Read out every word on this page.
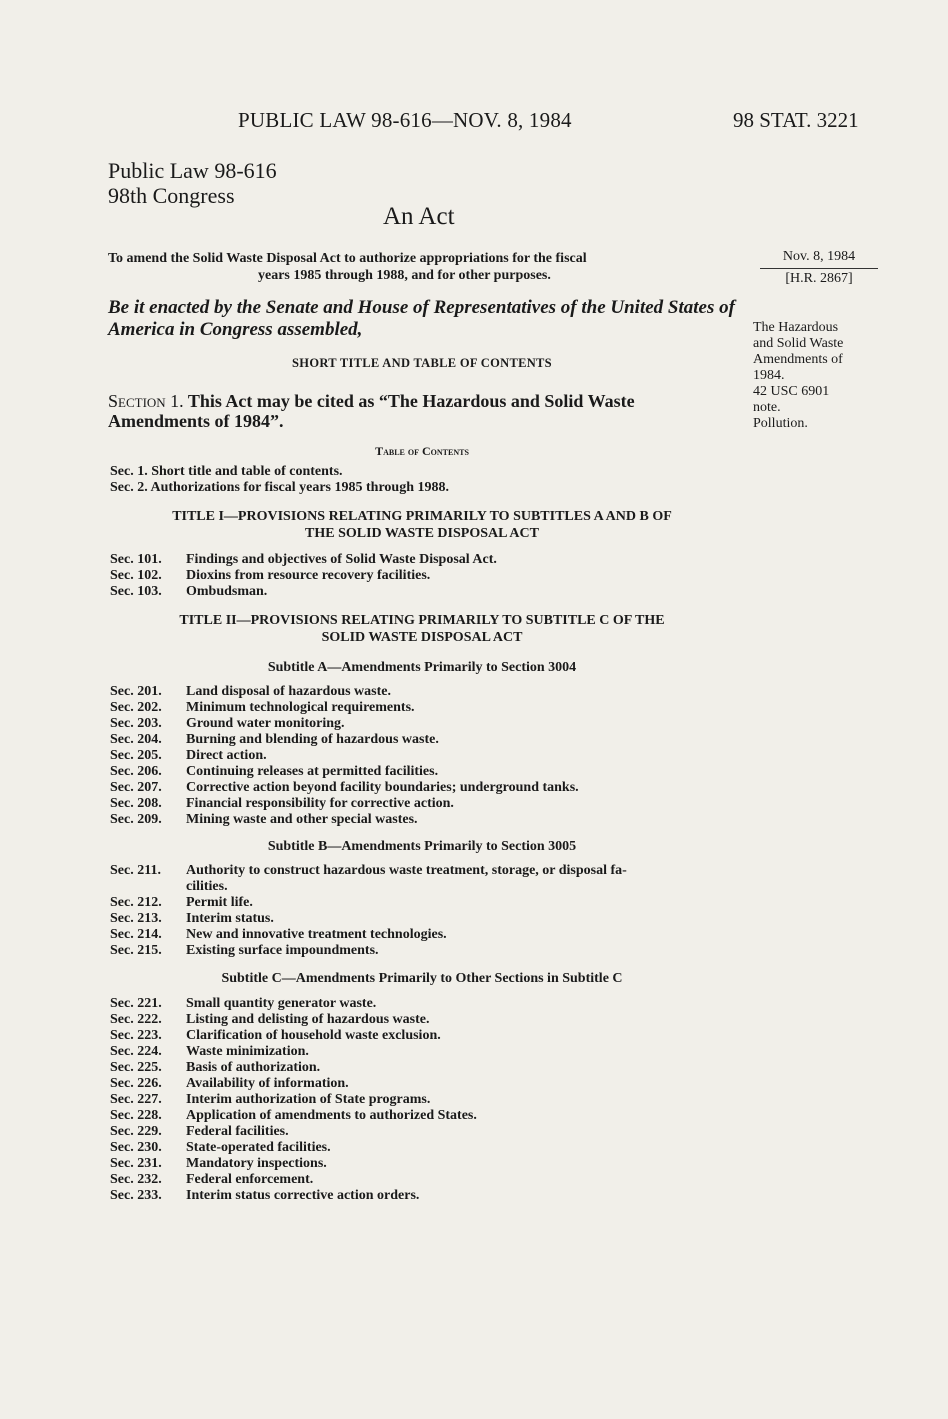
PUBLIC LAW 98-616—NOV. 8, 1984	98 STAT. 3221
Public Law 98-616
98th Congress
An Act
To amend the Solid Waste Disposal Act to authorize appropriations for the fiscal
years 1985 through 1988, and for other purposes.
Nov. 8, 1984
[H.R. 2867]
Be it enacted by the Senate and House of Representatives of the United States of America in Congress assembled,	The Hazardous
and Solid Waste
Amendments of
1984.
42 USC 6901
note.
Pollution.
SHORT TITLE AND TABLE OF CONTENTS
Section 1. This Act may be cited as “The Hazardous and Solid Waste Amendments of 1984”.
Table of Contents
Sec. 1. Short title and table of contents.
Sec. 2. Authorizations for fiscal years 1985 through 1988.
TITLE I—PROVISIONS RELATING PRIMARILY TO SUBTITLES A AND B OF
THE SOLID WASTE DISPOSAL ACT
Sec. 101. Findings and objectives of Solid Waste Disposal Act.
Sec. 102. Dioxins from resource recovery facilities.
Sec. 103. Ombudsman.
TITLE II—PROVISIONS RELATING PRIMARILY TO SUBTITLE C OF THE
SOLID WASTE DISPOSAL ACT
Subtitle A—Amendments Primarily to Section 3004
Sec. 201. Land disposal of hazardous waste.
Sec. 202. Minimum technological requirements.
Sec. 203. Ground water monitoring.
Sec. 204. Burning and blending of hazardous waste.
Sec. 205. Direct action.
Sec. 206. Continuing releases at permitted facilities.
Sec. 207. Corrective action beyond facility boundaries; underground tanks.
Sec. 208. Financial responsibility for corrective action.
Sec. 209. Mining waste and other special wastes.
Subtitle B—Amendments Primarily to Section 3005
Sec. 211. Authority to construct hazardous waste treatment, storage, or disposal fa-
cilities.
Sec. 212. Permit life.
Sec. 213. Interim status.
Sec. 214. New and innovative treatment technologies.
Sec. 215. Existing surface impoundments.
Subtitle C—Amendments Primarily to Other Sections in Subtitle C
Sec. 221. Small quantity generator waste.
Sec. 222. Listing and delisting of hazardous waste.
Sec. 223. Clarification of household waste exclusion.
Sec. 224. Waste minimization.
Sec. 225. Basis of authorization.
Sec. 226. Availability of information.
Sec. 227. Interim authorization of State programs.
Sec. 228. Application of amendments to authorized States.
Sec. 229. Federal facilities.
Sec. 230. State-operated facilities.
Sec. 231. Mandatory inspections.
Sec. 232. Federal enforcement.
Sec. 233. Interim status corrective action orders.
